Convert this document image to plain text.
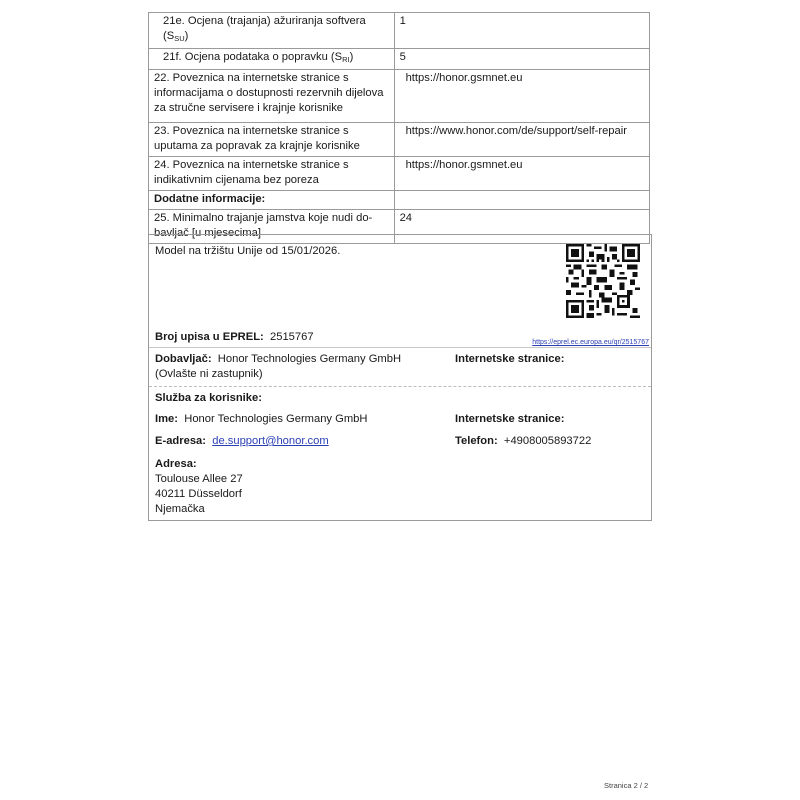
21e. Ocjena (trajanja) ažuriranja softvera $(S_{SU})$	1
21f. Ocjena podataka o popravku $(S_{RI})$	5
22. Poveznica na internetske stranice s informacijama o dostupnosti rezervnih dijelova za stručne servisere i krajnje korisnike	https://honor.gsmnet.eu
23. Poveznica na internetske stranice s uputama za popravak za krajnje korisnike	https://www.honor.com/de/support/self-repair
24. Poveznica na internetske stranice s indikativnim cijenama bez poreza	https://honor.gsmnet.eu
Dodatne informacije:	
25. Minimalno trajanje jamstva koje nudi do-bavljač [u mjesecima]	24
Model na tržištu Unije od 15/01/2026.
Broj upisa u EPREL: 2515767	https://eprel.ec.europa.eu/qr/2515767
Dobavljač: Honor Technologies Germany GmbH (Ovlašte ni zastupnik)
Internetske stranice:
Služba za korisnike:
Ime: Honor Technologies Germany GmbH	Internetske stranice:
E-adresa: de.support@honor.com	Telefon: +4908005893722
Adresa:
Toulouse Allee 27
40211 Düsseldorf
Njemačka
Stranica 2 / 2
